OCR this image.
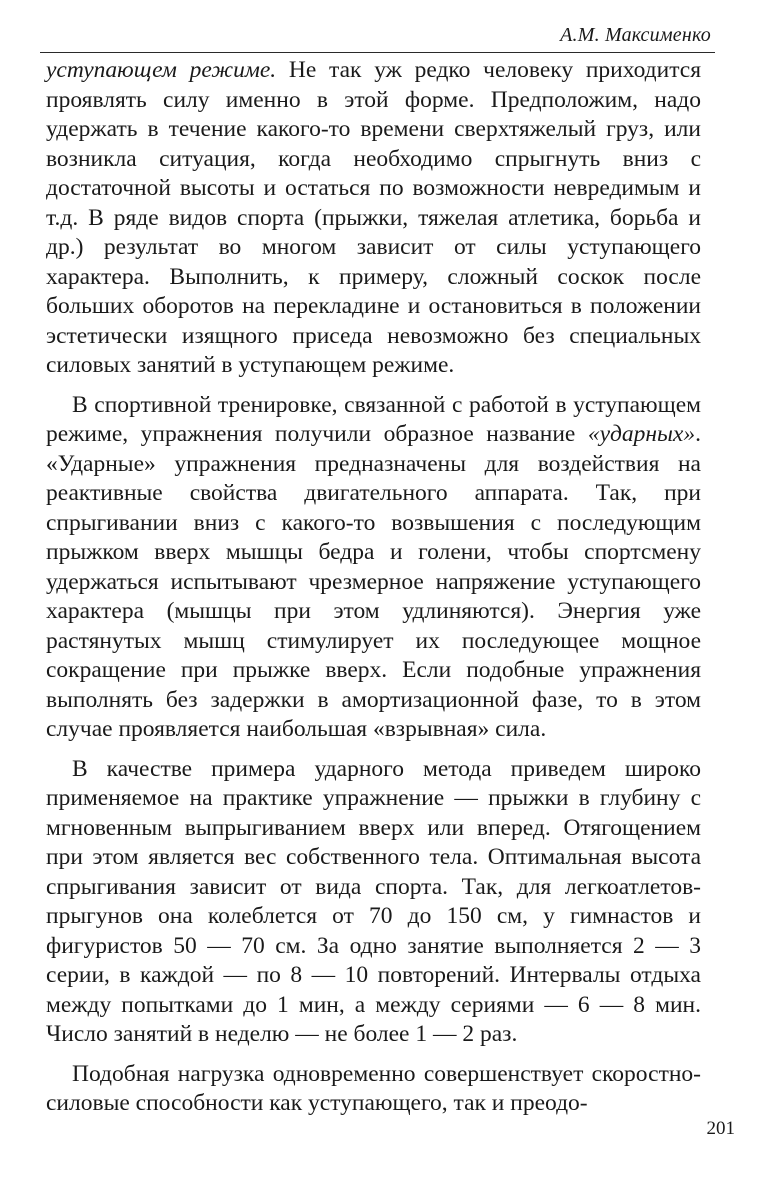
А.М. Максименко

уступающем режиме. Не так уж редко человеку приходится проявлять силу именно в этой форме. Предположим, надо удержать в течение какого-то времени сверхтяжелый груз, или возникла ситуация, когда необходимо спрыгнуть вниз с достаточной высоты и остаться по возможности невредимым и т.д. В ряде видов спорта (прыжки, тяжелая атлетика, борьба и др.) результат во многом зависит от силы уступающего характера. Выполнить, к примеру, сложный соскок после больших оборотов на перекладине и остановиться в положении эстетически изящного приседа невозможно без специальных силовых занятий в уступающем режиме.

В спортивной тренировке, связанной с работой в уступающем режиме, упражнения получили образное название «ударных». «Ударные» упражнения предназначены для воздействия на реактивные свойства двигательного аппарата. Так, при спрыгивании вниз с какого-то возвышения с последующим прыжком вверх мышцы бедра и голени, чтобы спортсмену удержаться испытывают чрезмерное напряжение уступающего характера (мышцы при этом удлиняются). Энергия уже растянутых мышц стимулирует их последующее мощное сокращение при прыжке вверх. Если подобные упражнения выполнять без задержки в амортизационной фазе, то в этом случае проявляется наибольшая «взрывная» сила.

В качестве примера ударного метода приведем широко применяемое на практике упражнение — прыжки в глубину с мгновенным выпрыгиванием вверх или вперед. Отягощением при этом является вес собственного тела. Оптимальная высота спрыгивания зависит от вида спорта. Так, для легкоатлетов-прыгунов она колеблется от 70 до 150 см, у гимнастов и фигуристов 50 — 70 см. За одно занятие выполняется 2 — 3 серии, в каждой — по 8 — 10 повторений. Интервалы отдыха между попытками до 1 мин, а между сериями — 6 — 8 мин. Число занятий в неделю — не более 1 — 2 раз.

Подобная нагрузка одновременно совершенствует скоростно-силовые способности как уступающего, так и преодо-

201
